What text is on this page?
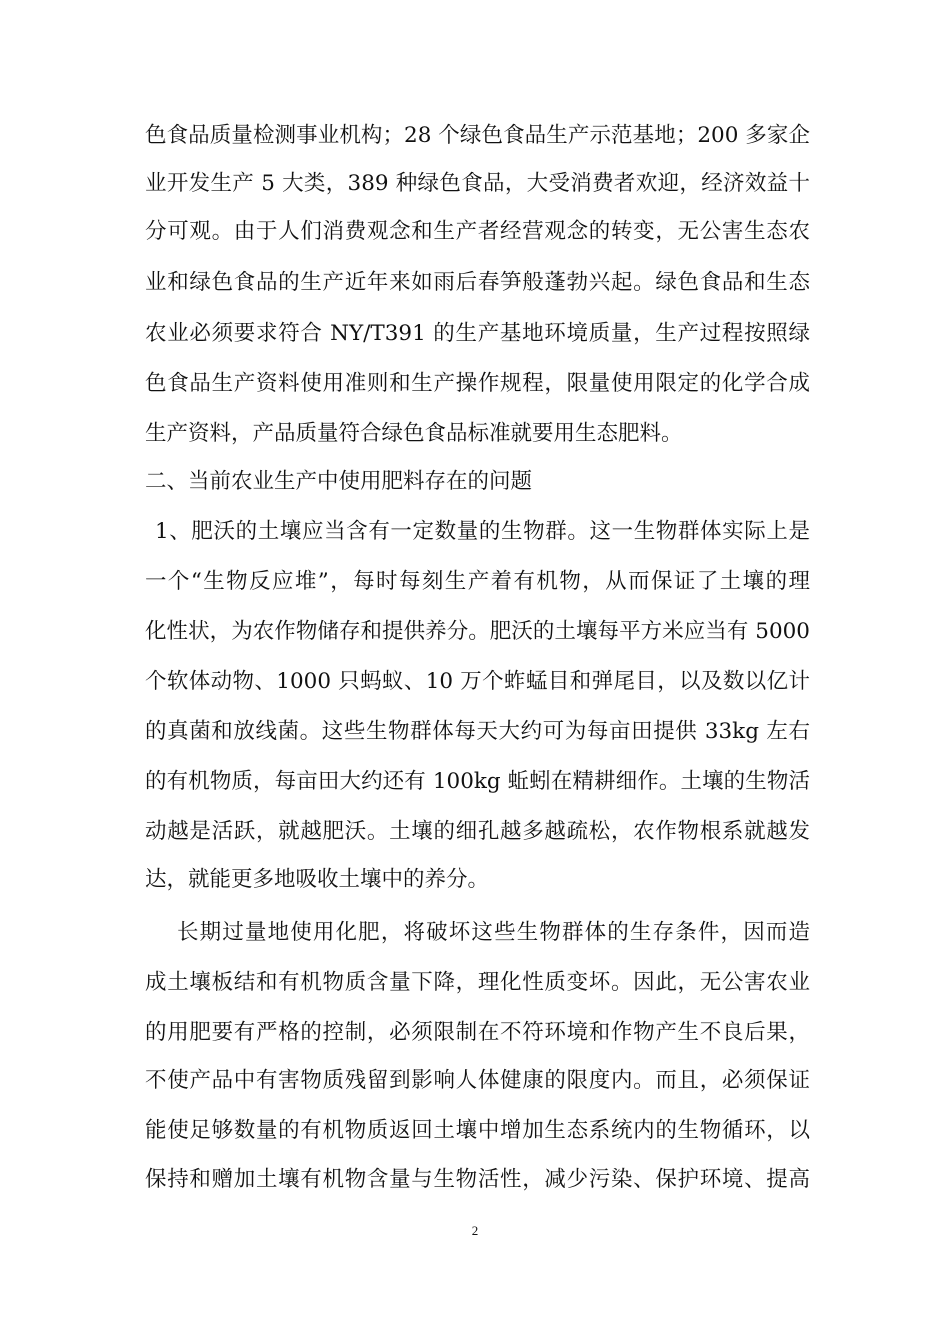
色食品质量检测事业机构；28 个绿色食品生产示范基地；200 多家企
业开发生产 5 大类，389 种绿色食品，大受消费者欢迎，经济效益十
分可观。由于人们消费观念和生产者经营观念的转变，无公害生态农
业和绿色食品的生产近年来如雨后春笋般蓬勃兴起。绿色食品和生态
农业必须要求符合 NY/T391 的生产基地环境质量，生产过程按照绿
色食品生产资料使用准则和生产操作规程，限量使用限定的化学合成
生产资料，产品质量符合绿色食品标准就要用生态肥料。
二、当前农业生产中使用肥料存在的问题
1、肥沃的土壤应当含有一定数量的生物群。这一生物群体实际上是
一个“生物反应堆”，每时每刻生产着有机物，从而保证了土壤的理
化性状，为农作物储存和提供养分。肥沃的土壤每平方米应当有 5000
个软体动物、1000 只蚂蚁、10 万个蚱蜢目和弹尾目，以及数以亿计
的真菌和放线菌。这些生物群体每天大约可为每亩田提供 33kg 左右
的有机物质，每亩田大约还有 100kg 蚯蚓在精耕细作。土壤的生物活
动越是活跃，就越肥沃。土壤的细孔越多越疏松，农作物根系就越发
达，就能更多地吸收土壤中的养分。
长期过量地使用化肥，将破坏这些生物群体的生存条件，因而造
成土壤板结和有机物质含量下降，理化性质变坏。因此，无公害农业
的用肥要有严格的控制，必须限制在不符环境和作物产生不良后果，
不使产品中有害物质残留到影响人体健康的限度内。而且，必须保证
能使足够数量的有机物质返回土壤中增加生态系统内的生物循环，以
保持和赠加土壤有机物含量与生物活性，减少污染、保护环境、提高
2
